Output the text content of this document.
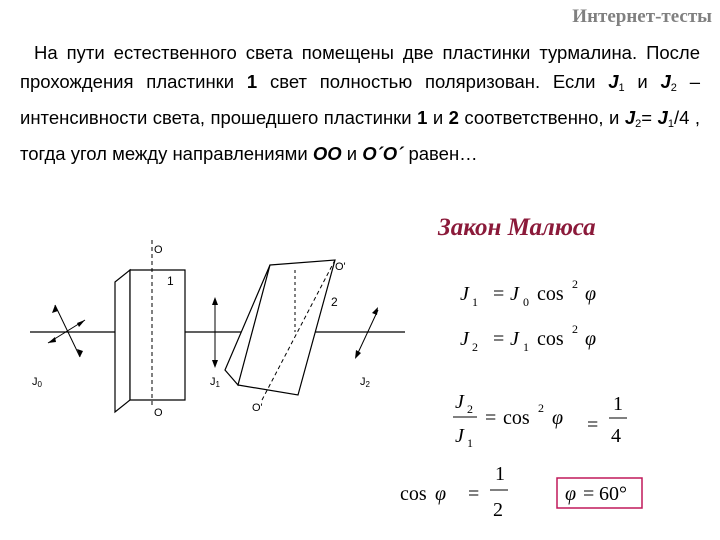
Интернет-тесты
На пути естественного света помещены две пластинки турмалина. После прохождения пластинки 1 свет полностью поляризован. Если $J_1$ и $J_2$ – интенсивности света, прошедшего пластинки 1 и 2 соответственно, и $J_2= J_1/4$ , тогда угол между направлениями OO и O´O´ равен…
Закон Малюса
O
O
O'
O'
1
2
J0	J1	J2
J 1 = J 0 cos 2 φ
J 2 = J 1 cos 2 φ
J 2
J 1
= cos 2 φ =
1
4
cos φ =
1
2
φ = 60°
